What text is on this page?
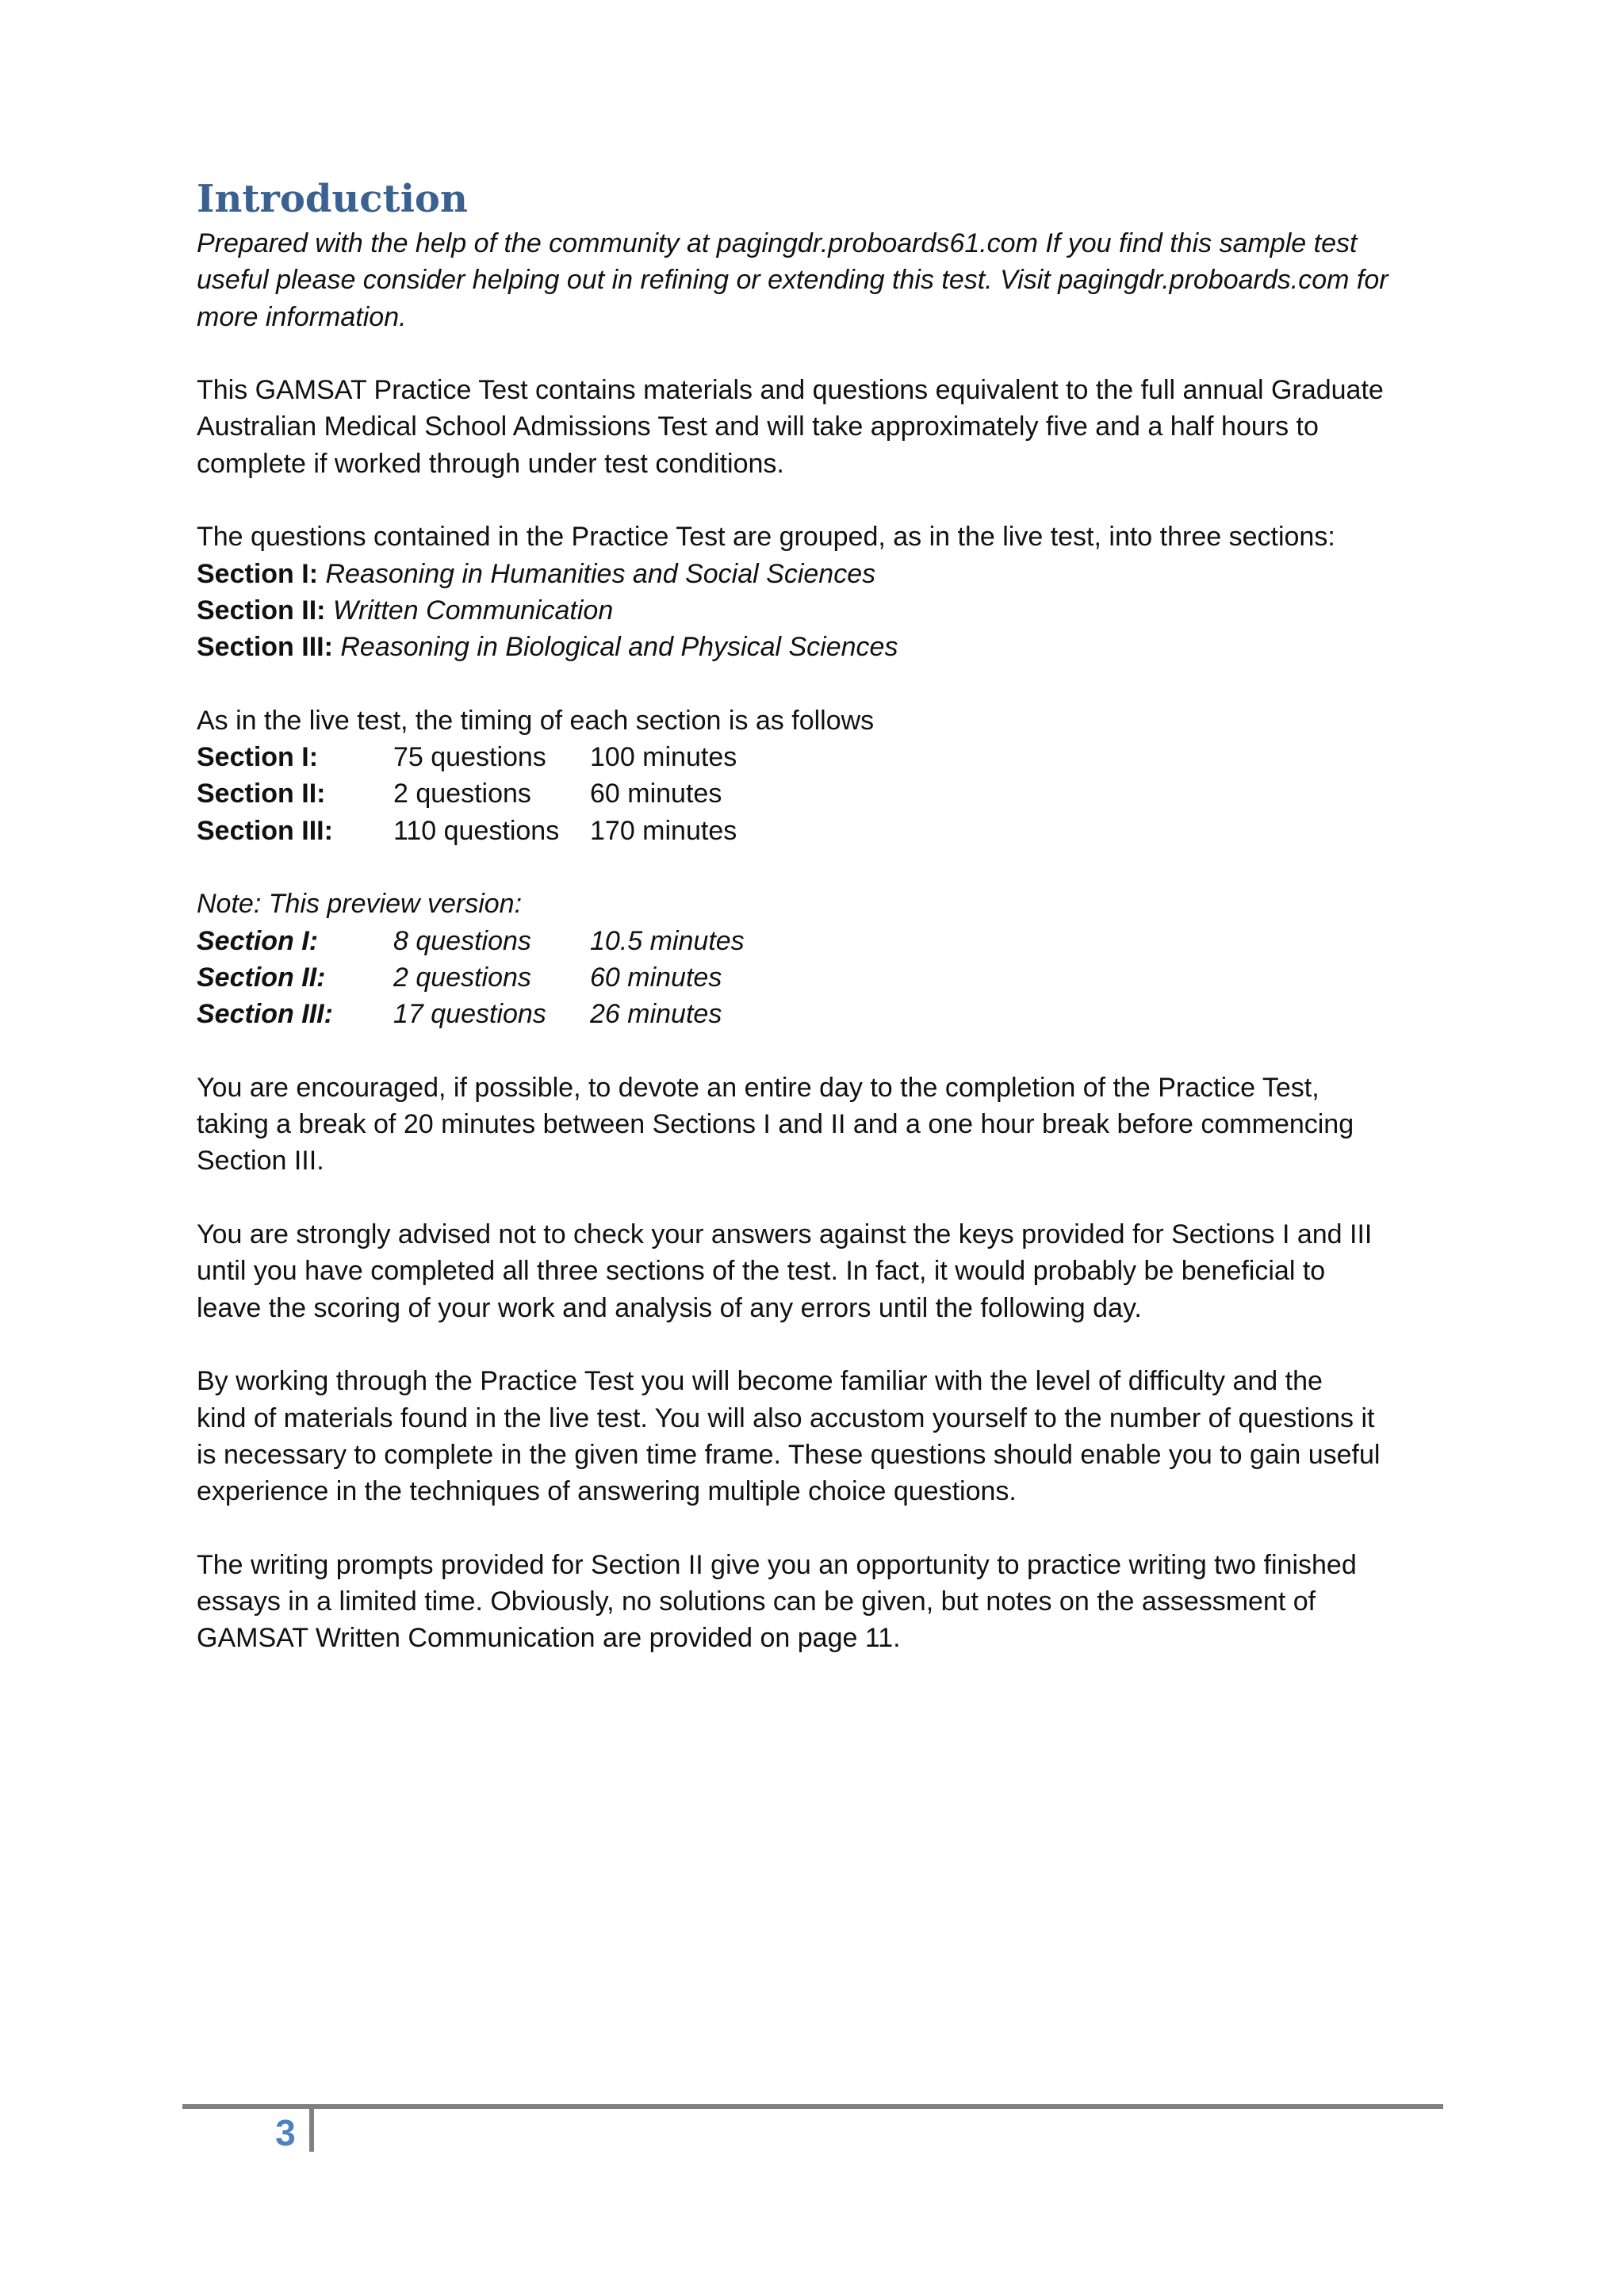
Introduction

Prepared with the help of the community at pagingdr.proboards61.com If you find this sample test
useful please consider helping out in refining or extending this test. Visit pagingdr.proboards.com for
more information.

This GAMSAT Practice Test contains materials and questions equivalent to the full annual Graduate
Australian Medical School Admissions Test and will take approximately five and a half hours to
complete if worked through under test conditions.

The questions contained in the Practice Test are grouped, as in the live test, into three sections:
Section I: Reasoning in Humanities and Social Sciences
Section II: Written Communication
Section III: Reasoning in Biological and Physical Sciences
As in the live test, the timing of each section is as follows
Section I:	75 questions	100 minutes
Section II:	2 questions	60 minutes
Section III:	110 questions	170 minutes
Note: This preview version:
Section I:	8 questions	10.5 minutes
Section II:	2 questions	60 minutes
Section III:	17 questions	26 minutes

You are encouraged, if possible, to devote an entire day to the completion of the Practice Test,
taking a break of 20 minutes between Sections I and II and a one hour break before commencing
Section III.

You are strongly advised not to check your answers against the keys provided for Sections I and III
until you have completed all three sections of the test. In fact, it would probably be beneficial to
leave the scoring of your work and analysis of any errors until the following day.

By working through the Practice Test you will become familiar with the level of difficulty and the
kind of materials found in the live test. You will also accustom yourself to the number of questions it
is necessary to complete in the given time frame. These questions should enable you to gain useful
experience in the techniques of answering multiple choice questions.

The writing prompts provided for Section II give you an opportunity to practice writing two finished
essays in a limited time. Obviously, no solutions can be given, but notes on the assessment of
GAMSAT Written Communication are provided on page 11.

3
